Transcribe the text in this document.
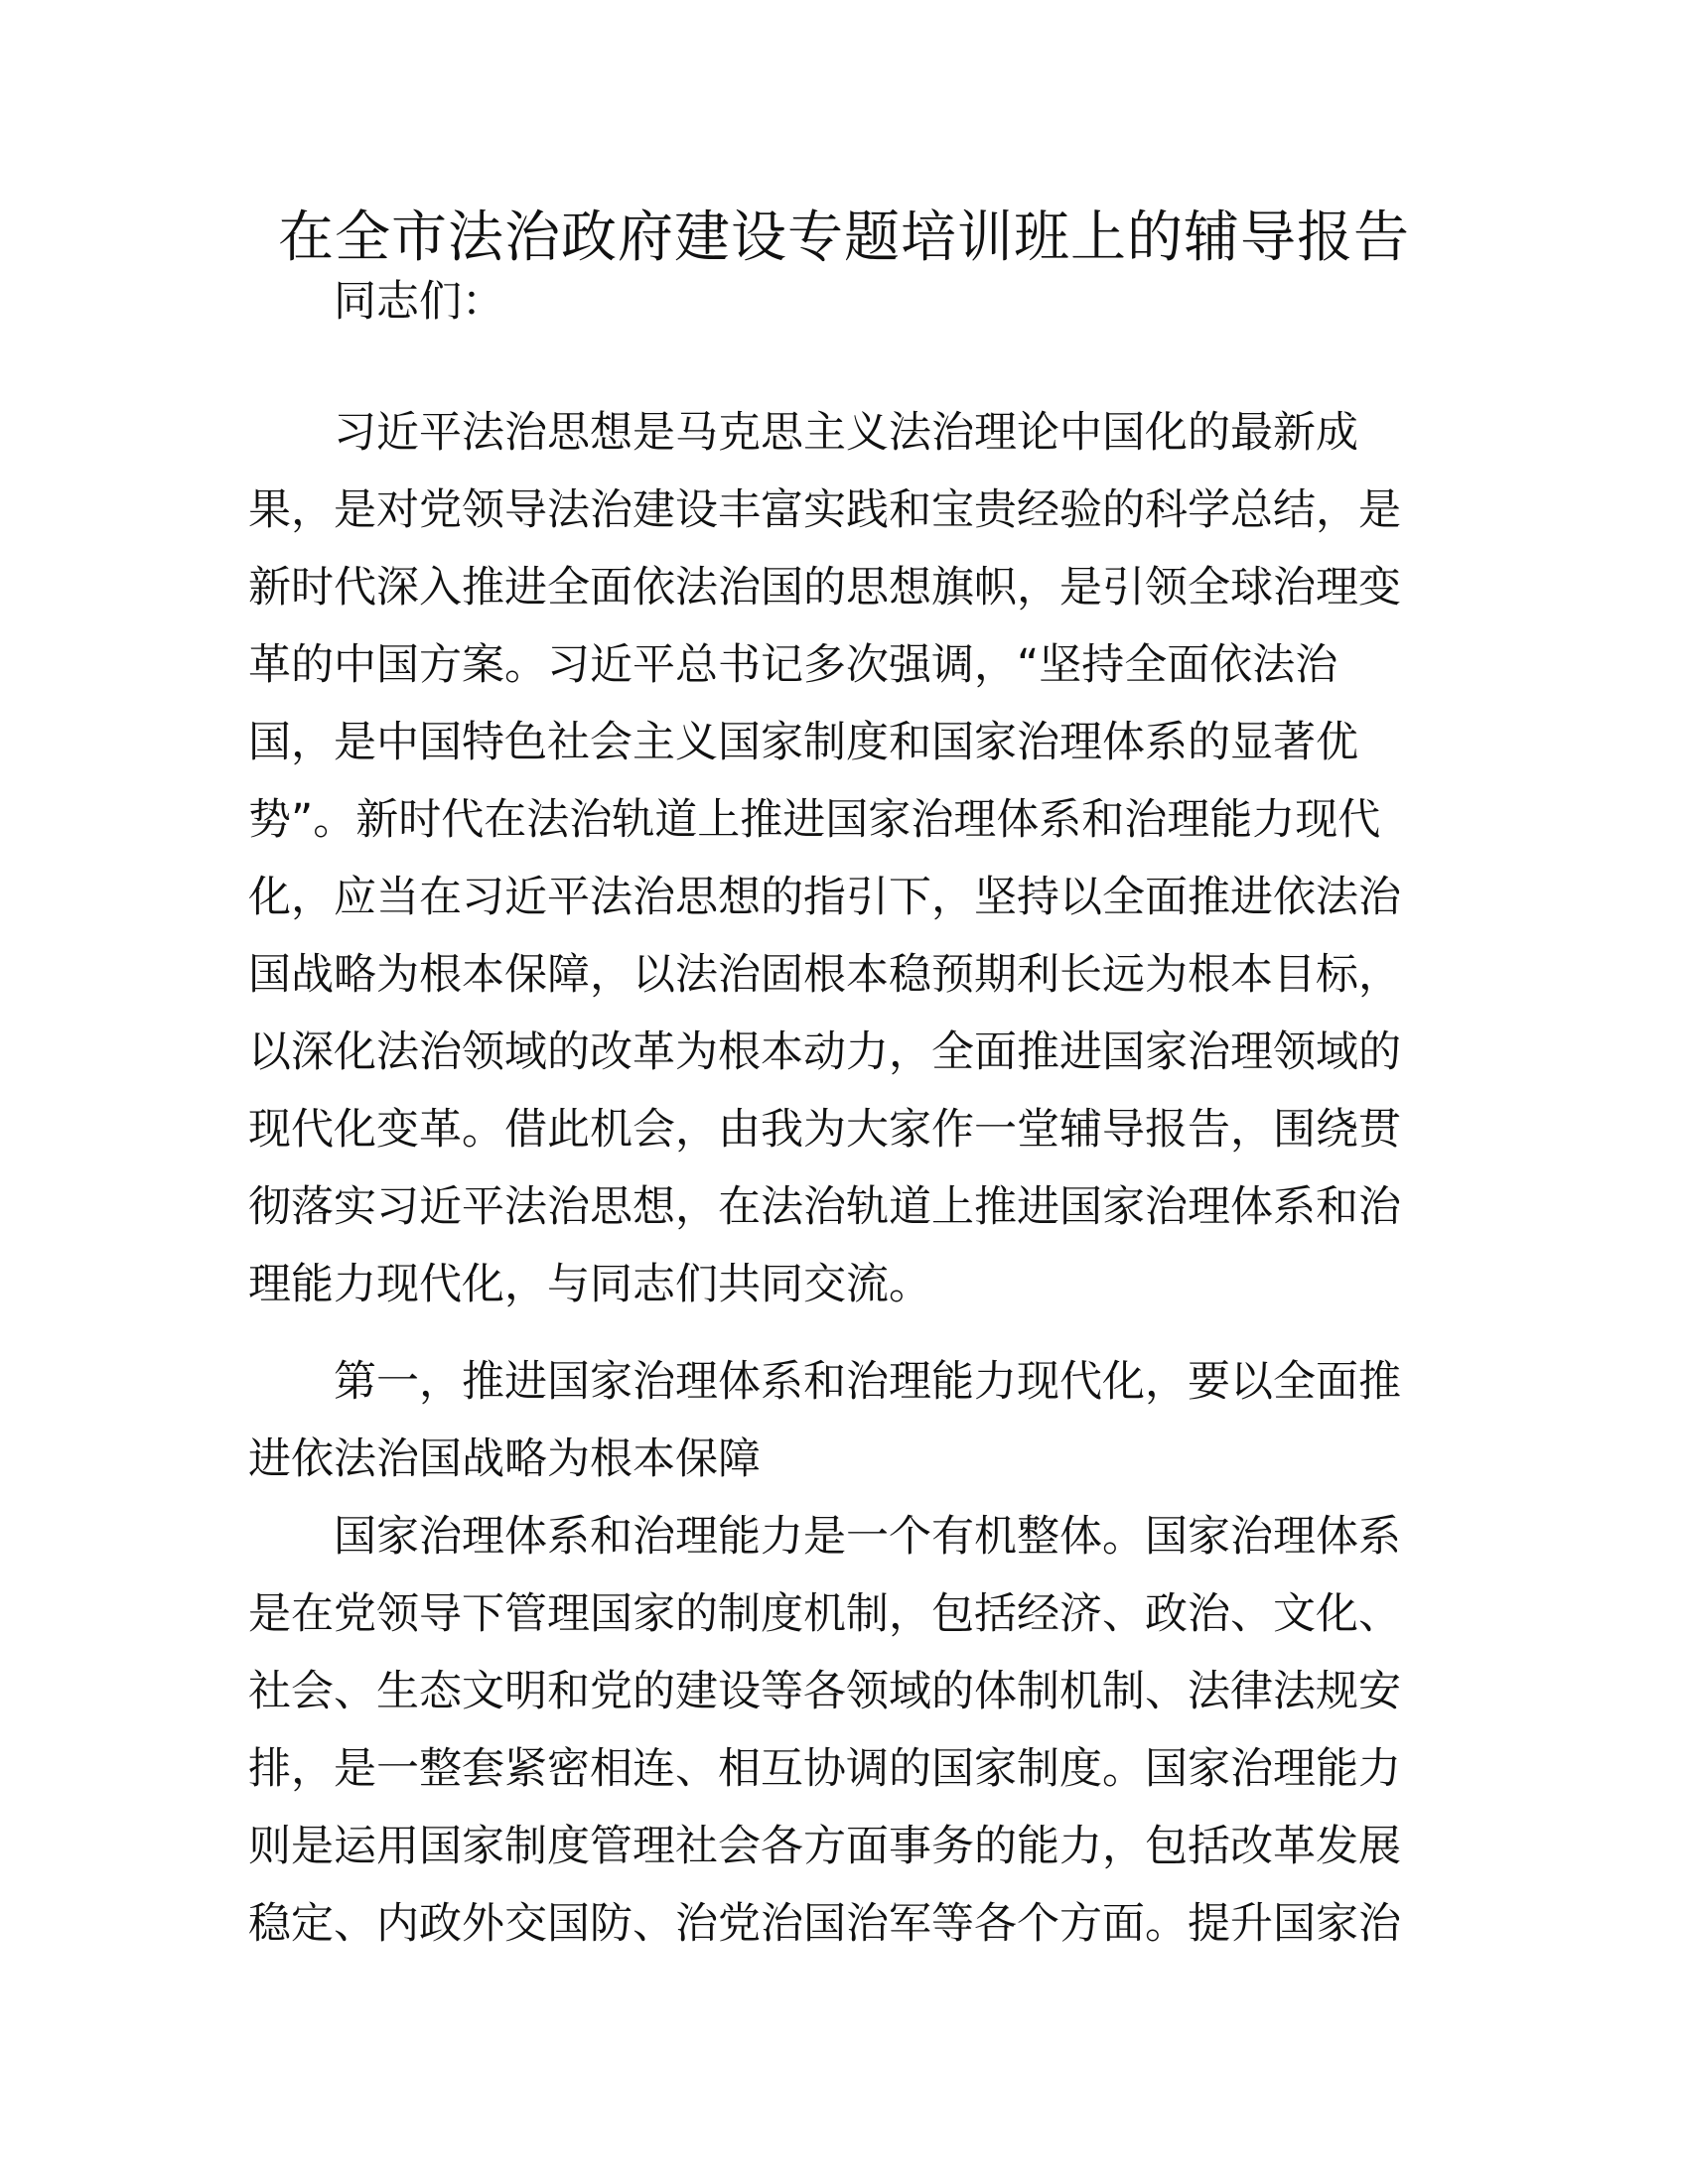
在全市法治政府建设专题培训班上的辅导报告
同志们：
习近平法治思想是马克思主义法治理论中国化的最新成
果，是对党领导法治建设丰富实践和宝贵经验的科学总结，是
新时代深入推进全面依法治国的思想旗帜，是引领全球治理变
革的中国方案。习近平总书记多次强调，“坚持全面依法治
国，是中国特色社会主义国家制度和国家治理体系的显著优
势”。新时代在法治轨道上推进国家治理体系和治理能力现代
化，应当在习近平法治思想的指引下，坚持以全面推进依法治
国战略为根本保障，以法治固根本稳预期利长远为根本目标，
以深化法治领域的改革为根本动力，全面推进国家治理领域的
现代化变革。借此机会，由我为大家作一堂辅导报告，围绕贯
彻落实习近平法治思想，在法治轨道上推进国家治理体系和治
理能力现代化，与同志们共同交流。
第一，推进国家治理体系和治理能力现代化，要以全面推
进依法治国战略为根本保障
国家治理体系和治理能力是一个有机整体。国家治理体系
是在党领导下管理国家的制度机制，包括经济、政治、文化、
社会、生态文明和党的建设等各领域的体制机制、法律法规安
排，是一整套紧密相连、相互协调的国家制度。国家治理能力
则是运用国家制度管理社会各方面事务的能力，包括改革发展
稳定、内政外交国防、治党治国治军等各个方面。提升国家治
